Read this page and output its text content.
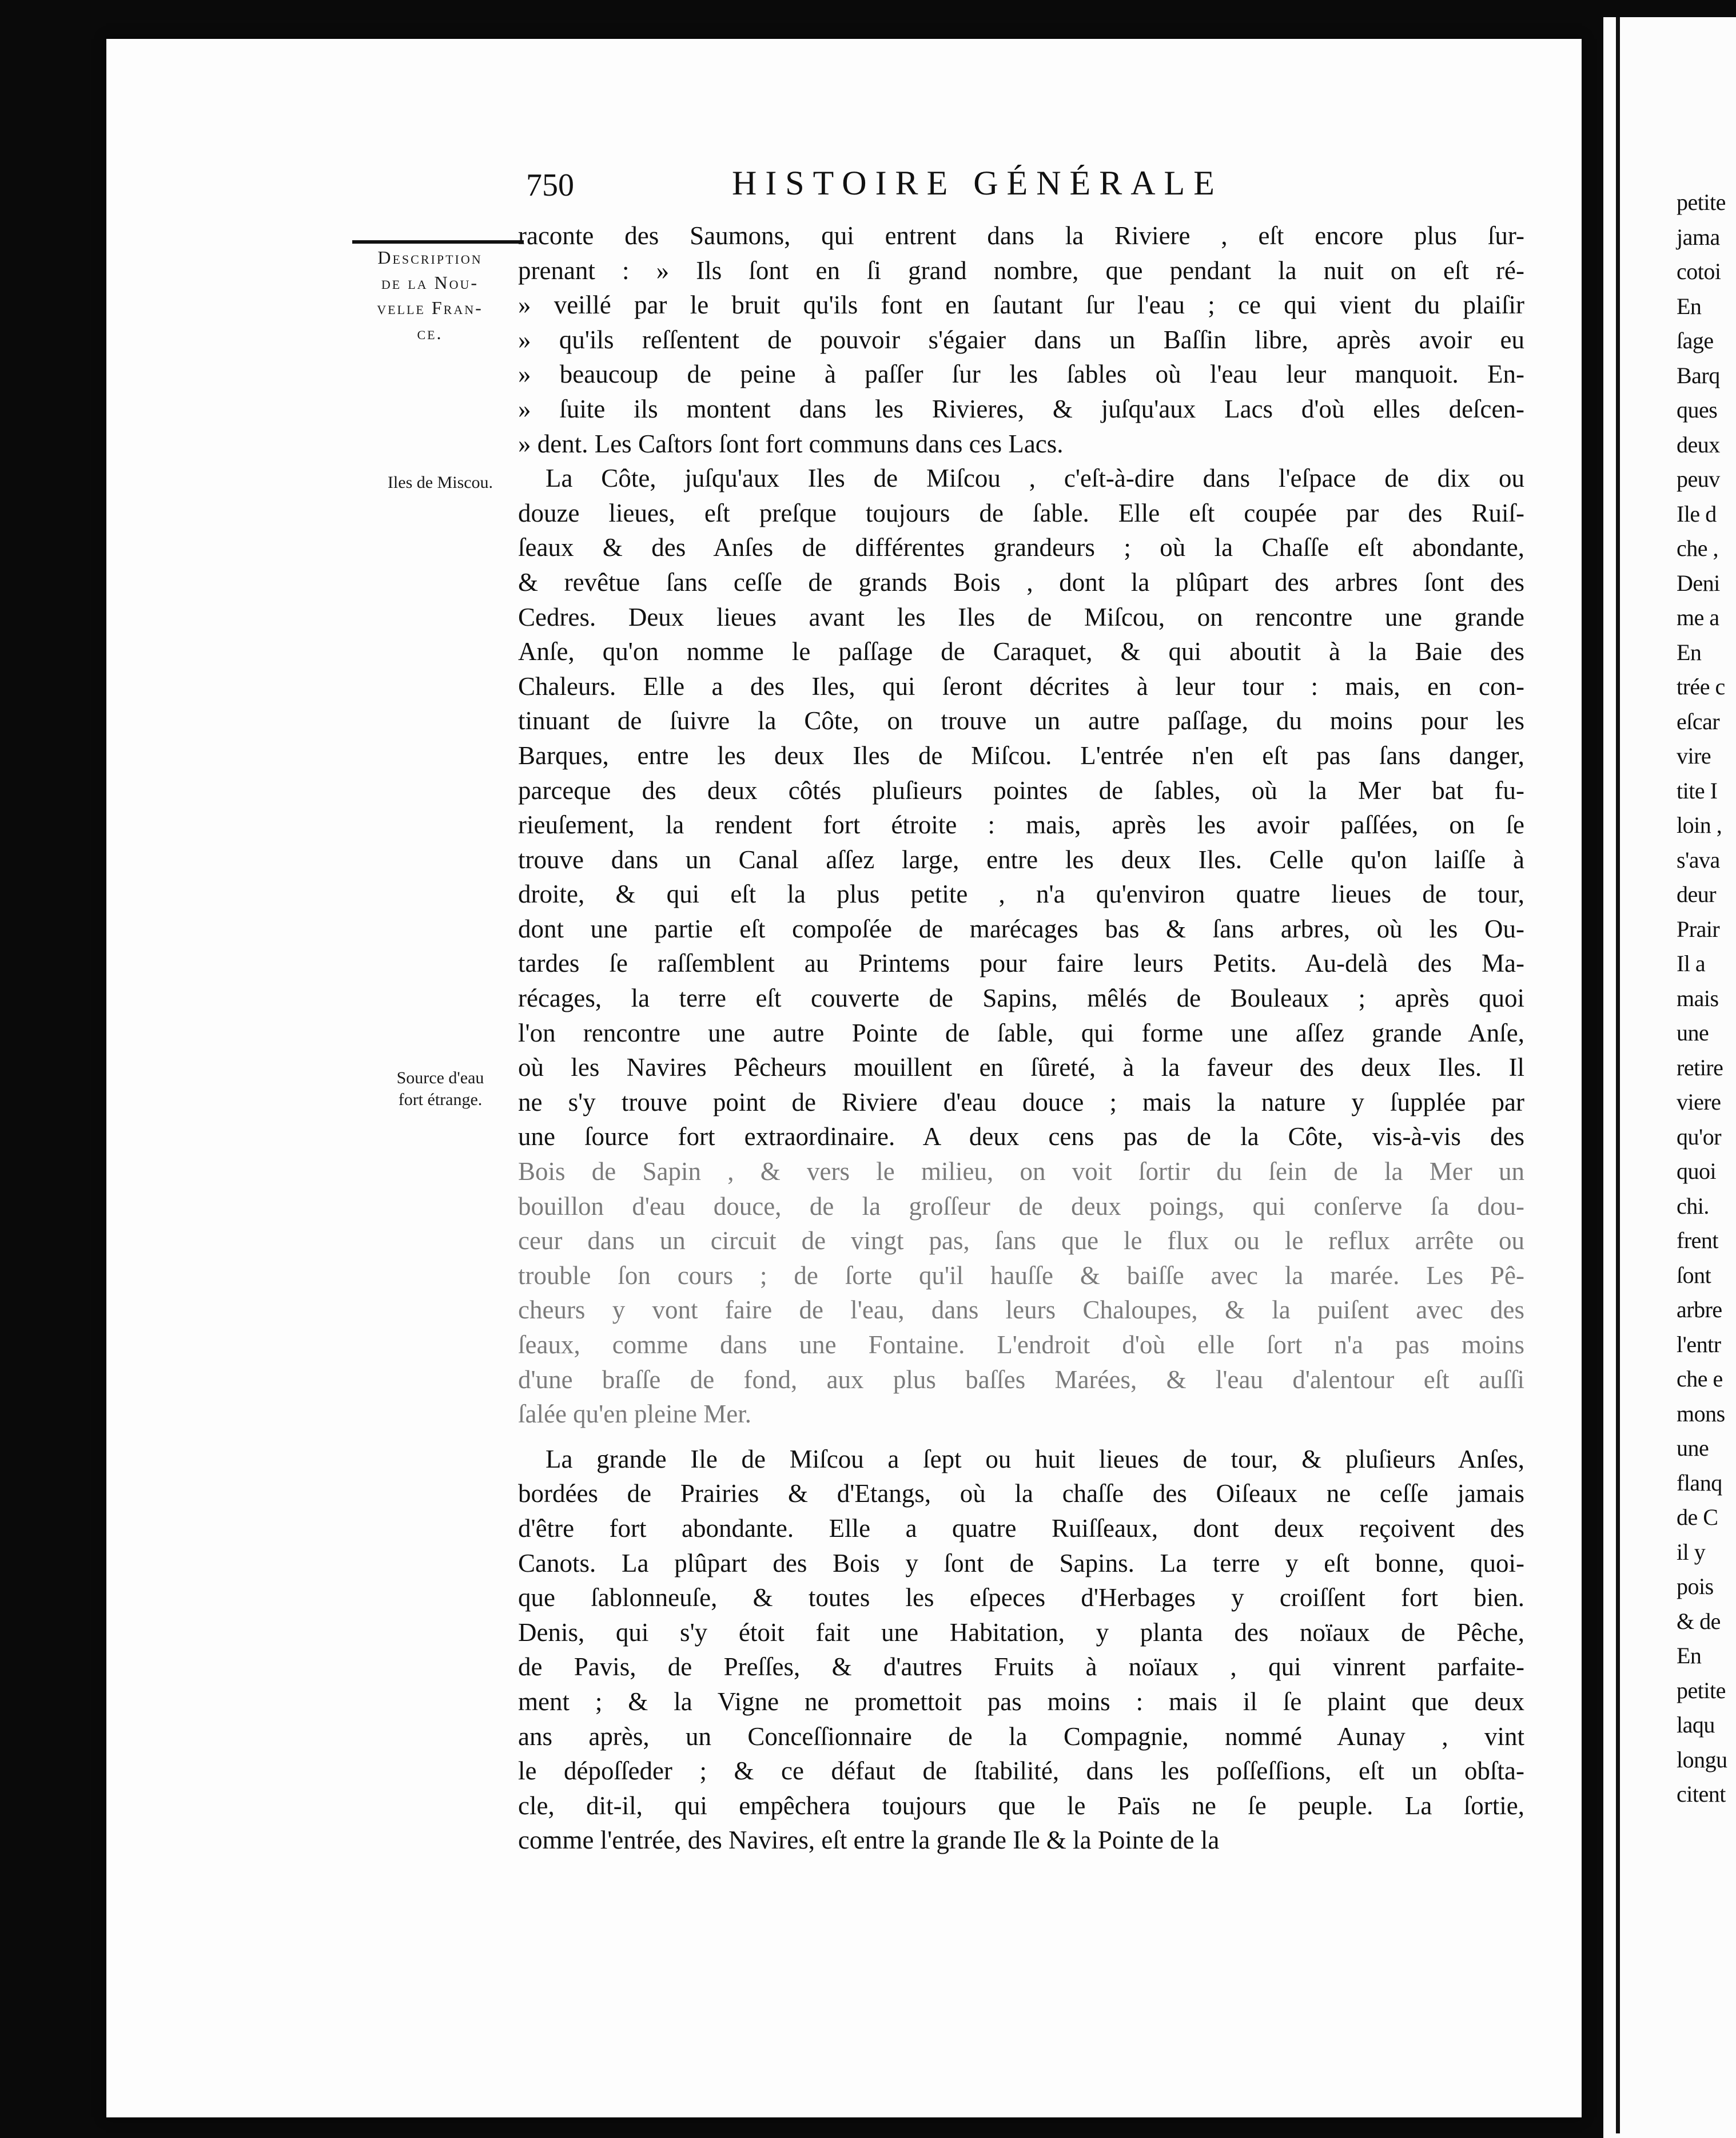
petite
jama
cotoi
En
ſage
Barq
ques
deux
peuv
Ile d
che ,
Deni
me a
En
trée c
eſcar
vire
tite I
loin ,
s'ava
deur
Prair
Il a
mais
une
retire
viere
qu'or
quoi
chi.
frent
ſont
arbre
l'entr
che e
mons
une
flanq
de C
il y
pois
& de
En
petite
laqu
longu
citent
750	HISTOIRE GÉNÉRALE
Description
de la Nou-
velle Fran-
ce.
Iles de Miscou.
Source d'eau
fort étrange.
raconte des Saumons, qui entrent dans la Riviere , eſt encore plus ſur-
prenant : » Ils ſont en ſi grand nombre, que pendant la nuit on eſt ré-
» veillé par le bruit qu'ils font en ſautant ſur l'eau ; ce qui vient du plaiſir
» qu'ils reſſentent de pouvoir s'égaier dans un Baſſin libre, après avoir eu
» beaucoup de peine à paſſer ſur les ſables où l'eau leur manquoit. En-
» ſuite ils montent dans les Rivieres, & juſqu'aux Lacs d'où elles deſcen-
» dent. Les Caſtors ſont fort communs dans ces Lacs.
La Côte, juſqu'aux Iles de Miſcou , c'eſt-à-dire dans l'eſpace de dix ou
douze lieues, eſt preſque toujours de ſable. Elle eſt coupée par des Ruiſ-
ſeaux & des Anſes de différentes grandeurs ; où la Chaſſe eſt abondante,
& revêtue ſans ceſſe de grands Bois , dont la plûpart des arbres ſont des
Cedres. Deux lieues avant les Iles de Miſcou, on rencontre une grande
Anſe, qu'on nomme le paſſage de Caraquet, & qui aboutit à la Baie des
Chaleurs. Elle a des Iles, qui ſeront décrites à leur tour : mais, en con-
tinuant de ſuivre la Côte, on trouve un autre paſſage, du moins pour les
Barques, entre les deux Iles de Miſcou. L'entrée n'en eſt pas ſans danger,
parceque des deux côtés pluſieurs pointes de ſables, où la Mer bat fu-
rieuſement, la rendent fort étroite : mais, après les avoir paſſées, on ſe
trouve dans un Canal aſſez large, entre les deux Iles. Celle qu'on laiſſe à
droite, & qui eſt la plus petite , n'a qu'environ quatre lieues de tour,
dont une partie eſt compoſée de marécages bas & ſans arbres, où les Ou-
tardes ſe raſſemblent au Printems pour faire leurs Petits. Au-delà des Ma-
récages, la terre eſt couverte de Sapins, mêlés de Bouleaux ; après quoi
l'on rencontre une autre Pointe de ſable, qui forme une aſſez grande Anſe,
où les Navires Pêcheurs mouillent en ſûreté, à la faveur des deux Iles. Il
ne s'y trouve point de Riviere d'eau douce ; mais la nature y ſupplée par
une ſource fort extraordinaire. A deux cens pas de la Côte, vis-à-vis des
Bois de Sapin , & vers le milieu, on voit ſortir du ſein de la Mer un
bouillon d'eau douce, de la groſſeur de deux poings, qui conſerve ſa dou-
ceur dans un circuit de vingt pas, ſans que le flux ou le reflux arrête ou
trouble ſon cours ; de ſorte qu'il hauſſe & baiſſe avec la marée. Les Pê-
cheurs y vont faire de l'eau, dans leurs Chaloupes, & la puiſent avec des
ſeaux, comme dans une Fontaine. L'endroit d'où elle ſort n'a pas moins
d'une braſſe de fond, aux plus baſſes Marées, & l'eau d'alentour eſt auſſi
ſalée qu'en pleine Mer.
La grande Ile de Miſcou a ſept ou huit lieues de tour, & pluſieurs Anſes,
bordées de Prairies & d'Etangs, où la chaſſe des Oiſeaux ne ceſſe jamais
d'être fort abondante. Elle a quatre Ruiſſeaux, dont deux reçoivent des
Canots. La plûpart des Bois y ſont de Sapins. La terre y eſt bonne, quoi-
que ſablonneuſe, & toutes les eſpeces d'Herbages y croiſſent fort bien.
Denis, qui s'y étoit fait une Habitation, y planta des noïaux de Pêche,
de Pavis, de Preſſes, & d'autres Fruits à noïaux , qui vinrent parfaite-
ment ; & la Vigne ne promettoit pas moins : mais il ſe plaint que deux
ans après, un Conceſſionnaire de la Compagnie, nommé Aunay , vint
le dépoſſeder ; & ce défaut de ſtabilité, dans les poſſeſſions, eſt un obſta-
cle, dit-il, qui empêchera toujours que le Païs ne ſe peuple. La ſortie,
comme l'entrée, des Navires, eſt entre la grande Ile & la Pointe de la
